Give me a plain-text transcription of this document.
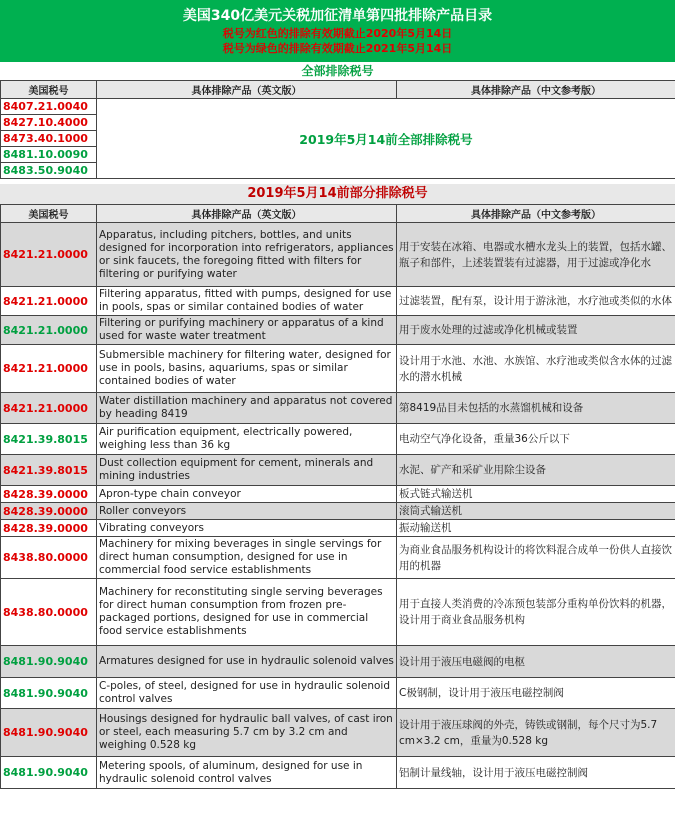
美国340亿美元关税加征清单第四批排除产品目录
税号为红色的排除有效期截止2020年5月14日
税号为绿色的排除有效期截止2021年5月14日
全部排除税号
美国税号	具体排除产品（英文版）	具体排除产品（中文参考版）
8407.21.0040	2019年5月14前全部排除税号	
8427.10.4000		
8473.40.1000		
8481.10.0090		
8483.50.9040		
2019年5月14前部分排除税号
美国税号	具体排除产品（英文版）	具体排除产品（中文参考版）
8421.21.0000	Apparatus, including pitchers, bottles, and units designed for incorporation into refrigerators, appliances or sink faucets, the foregoing fitted with filters for filtering or purifying water	用于安装在冰箱、电器或水槽水龙头上的装置，包括水罐、瓶子和部件，上述装置装有过滤器，用于过滤或净化水
8421.21.0000	Filtering apparatus, fitted with pumps, designed for use in pools, spas or similar contained bodies of water	过滤装置，配有泵，设计用于游泳池，水疗池或类似的水体
8421.21.0000	Filtering or purifying machinery or apparatus of a kind used for waste water treatment	用于废水处理的过滤或净化机械或装置
8421.21.0000	Submersible machinery for filtering water, designed for use in pools, basins, aquariums, spas or similar contained bodies of water	设计用于水池、水池、水族馆、水疗池或类似含水体的过滤水的潜水机械
8421.21.0000	Water distillation machinery and apparatus not covered by heading 8419	第8419品目未包括的水蒸馏机械和设备
8421.39.8015	Air purification equipment, electrically powered, weighing less than 36 kg	电动空气净化设备，重量36公斤以下
8421.39.8015	Dust collection equipment for cement, minerals and mining industries	水泥、矿产和采矿业用除尘设备
8428.39.0000	Apron-type chain conveyor	板式链式输送机
8428.39.0000	Roller conveyors	滚筒式输送机
8428.39.0000	Vibrating conveyors	振动输送机
8438.80.0000	Machinery for mixing beverages in single servings for direct human consumption, designed for use in commercial food service establishments	为商业食品服务机构设计的将饮料混合成单一份供人直接饮用的机器
8438.80.0000	Machinery for reconstituting single serving beverages for direct human consumption from frozen pre-packaged portions, designed for use in commercial food service establishments	用于直接人类消费的冷冻预包装部分重构单份饮料的机器，设计用于商业食品服务机构
8481.90.9040	Armatures designed for use in hydraulic solenoid valves	设计用于液压电磁阀的电枢
8481.90.9040	C-poles, of steel, designed for use in hydraulic solenoid control valves	C极钢制，设计用于液压电磁控制阀
8481.90.9040	Housings designed for hydraulic ball valves, of cast iron or steel, each measuring 5.7 cm by 3.2 cm and weighing 0.528 kg	设计用于液压球阀的外壳，铸铁或钢制，每个尺寸为5.7 cm×3.2 cm，重量为0.528 kg
8481.90.9040	Metering spools, of aluminum, designed for use in hydraulic solenoid control valves	铝制计量线轴，设计用于液压电磁控制阀
